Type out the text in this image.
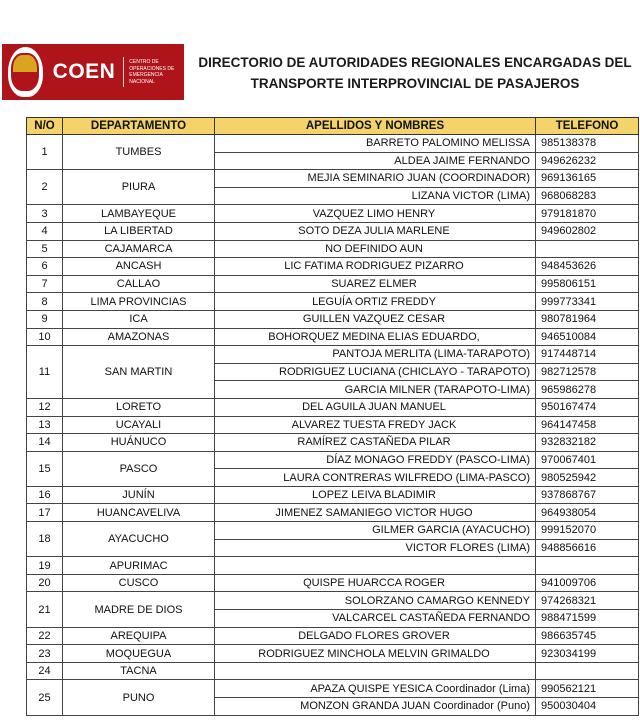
COEN	CENTRO DE OPERACIONES DE EMERGENCIA NACIONAL
DIRECTORIO DE AUTORIDADES REGIONALES ENCARGADAS DEL
TRANSPORTE INTERPROVINCIAL DE PASAJEROS
N/O	DEPARTAMENTO	APELLIDOS Y NOMBRES	TELEFONO
1	TUMBES	BARRETO PALOMINO MELISSA	985138378
		ALDEA JAIME FERNANDO	949626232
2	PIURA	MEJIA SEMINARIO JUAN (COORDINADOR)	969136165
		LIZANA VICTOR (LIMA)	968068283
3	LAMBAYEQUE	VAZQUEZ LIMO HENRY	979181870
4	LA LIBERTAD	SOTO DEZA JULIA MARLENE	949602802
5	CAJAMARCA	NO DEFINIDO AUN	
6	ANCASH	LIC FATIMA RODRIGUEZ PIZARRO	948453626
7	CALLAO	SUAREZ ELMER	995806151
8	LIMA PROVINCIAS	LEGUÍA ORTIZ FREDDY	999773341
9	ICA	GUILLEN VAZQUEZ CESAR	980781964
10	AMAZONAS	BOHORQUEZ MEDINA ELIAS EDUARDO,	946510084
11	SAN MARTIN	PANTOJA MERLITA (LIMA-TARAPOTO)	917448714
		RODRIGUEZ LUCIANA (CHICLAYO - TARAPOTO)	982712578
		GARCIA MILNER (TARAPOTO-LIMA)	965986278
12	LORETO	DEL AGUILA JUAN MANUEL	950167474
13	UCAYALI	ALVAREZ TUESTA FREDY JACK	964147458
14	HUÁNUCO	RAMÍREZ CASTAÑEDA PILAR	932832182
15	PASCO	DÍAZ MONAGO FREDDY (PASCO-LIMA)	970067401
		LAURA CONTRERAS WILFREDO (LIMA-PASCO)	980525942
16	JUNÍN	LOPEZ LEIVA BLADIMIR	937868767
17	HUANCAVELIVA	JIMENEZ SAMANIEGO VICTOR HUGO	964938054
18	AYACUCHO	GILMER GARCIA (AYACUCHO)	999152070
		VICTOR FLORES (LIMA)	948856616
19	APURIMAC		
20	CUSCO	QUISPE HUARCCA ROGER	941009706
21	MADRE DE DIOS	SOLORZANO CAMARGO KENNEDY	974268321
		VALCARCEL CASTAÑEDA FERNANDO	988471599
22	AREQUIPA	DELGADO FLORES GROVER	986635745
23	MOQUEGUA	RODRIGUEZ MINCHOLA MELVIN GRIMALDO	923034199
24	TACNA		
25	PUNO	APAZA QUISPE YESICA Coordinador (Lima)	990562121
		MONZON GRANDA JUAN Coordinador (Puno)	950030404
